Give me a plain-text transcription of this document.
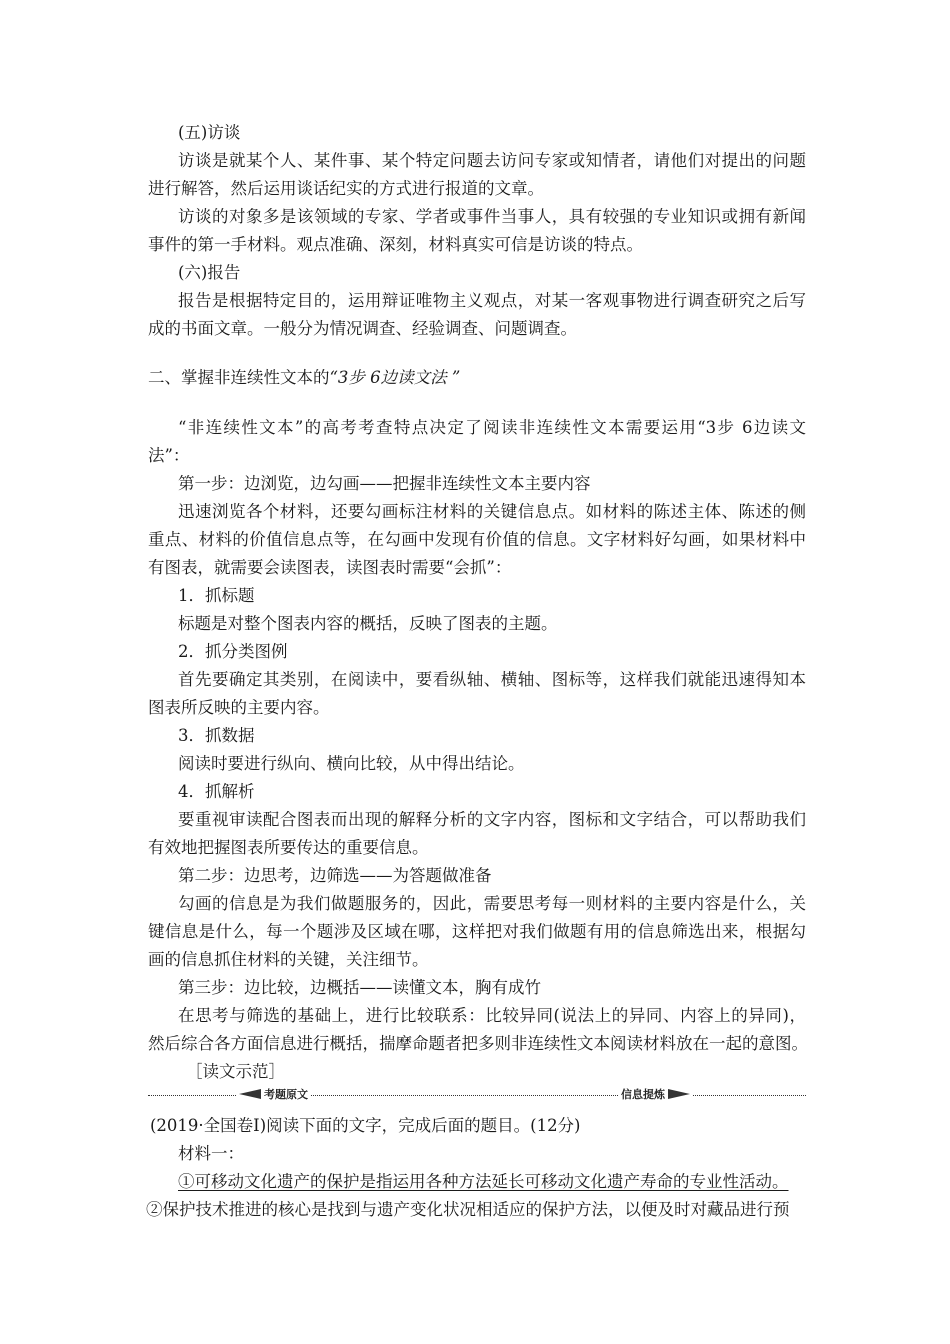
(五)访谈
访谈是就某个人、某件事、某个特定问题去访问专家或知情者，请他们对提出的问题
进行解答，然后运用谈话纪实的方式进行报道的文章。
访谈的对象多是该领域的专家、学者或事件当事人，具有较强的专业知识或拥有新闻
事件的第一手材料。观点准确、深刻，材料真实可信是访谈的特点。
(六)报告
报告是根据特定目的，运用辩证唯物主义观点，对某一客观事物进行调查研究之后写
成的书面文章。一般分为情况调查、经验调查、问题调查。
二、掌握非连续性文本的“3步 6边读文法 ”
“非连续性文本”的高考考查特点决定了阅读非连续性文本需要运用“3步 6边读文
法”：
第一步：边浏览，边勾画——把握非连续性文本主要内容
迅速浏览各个材料，还要勾画标注材料的关键信息点。如材料的陈述主体、陈述的侧
重点、材料的价值信息点等，在勾画中发现有价值的信息。文字材料好勾画，如果材料中
有图表，就需要会读图表，读图表时需要“会抓”：
1．抓标题
标题是对整个图表内容的概括，反映了图表的主题。
2．抓分类图例
首先要确定其类别，在阅读中，要看纵轴、横轴、图标等，这样我们就能迅速得知本
图表所反映的主要内容。
3．抓数据
阅读时要进行纵向、横向比较，从中得出结论。
4．抓解析
要重视审读配合图表而出现的解释分析的文字内容，图标和文字结合，可以帮助我们
有效地把握图表所要传达的重要信息。
第二步：边思考，边筛选——为答题做准备
勾画的信息是为我们做题服务的，因此，需要思考每一则材料的主要内容是什么，关
键信息是什么，每一个题涉及区域在哪，这样把对我们做题有用的信息筛选出来，根据勾
画的信息抓住材料的关键，关注细节。
第三步：边比较，边概括——读懂文本，胸有成竹
在思考与筛选的基础上，进行比较联系：比较异同(说法上的异同、内容上的异同)，
然后综合各方面信息进行概括，揣摩命题者把多则非连续性文本阅读材料放在一起的意图。
［读文示范］
考题原文	信息提炼
(2019·全国卷Ⅰ)阅读下面的文字，完成后面的题目。(12分)
材料一：
①可移动文化遗产的保护是指运用各种方法延长可移动文化遗产寿命的专业性活动。
②保护技术推进的核心是找到与遗产变化状况相适应的保护方法，以便及时对藏品进行预
